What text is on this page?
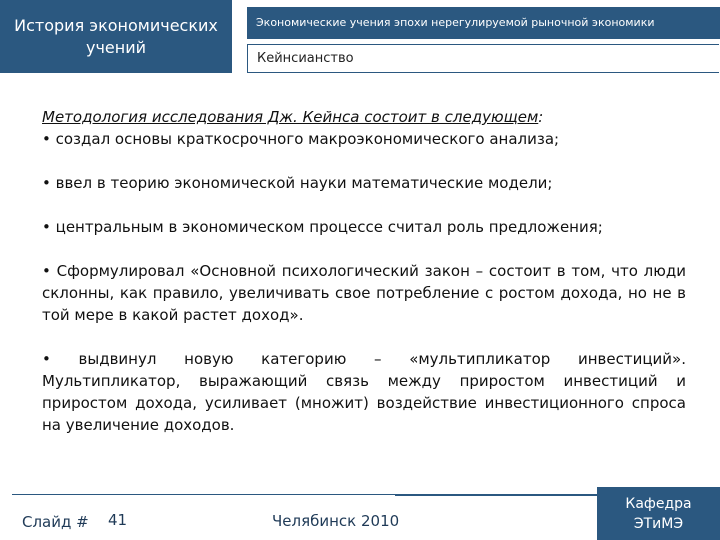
История экономических учений
Экономические учения эпохи нерегулируемой рыночной экономики
Кейнсианство

Методология исследования Дж. Кейнса состоит в следующем:

• создал основы краткосрочного макроэкономического анализа;

• ввел в теорию экономической науки математические модели;

• центральным в экономическом процессе считал роль предложения;

• Сформулировал «Основной психологический закон – состоит в том, что люди склонны, как правило, увеличивать свое потребление с ростом дохода, но не в той мере в какой растет доход».

• выдвинул новую категорию – «мультипликатор инвестиций». Мультипликатор, выражающий связь между приростом инвестиций и приростом дохода, усиливает (множит) воздействие инвестиционного спроса на увеличение доходов.

Слайд # 41	Челябинск 2010
Кафедра ЭТиМЭ
